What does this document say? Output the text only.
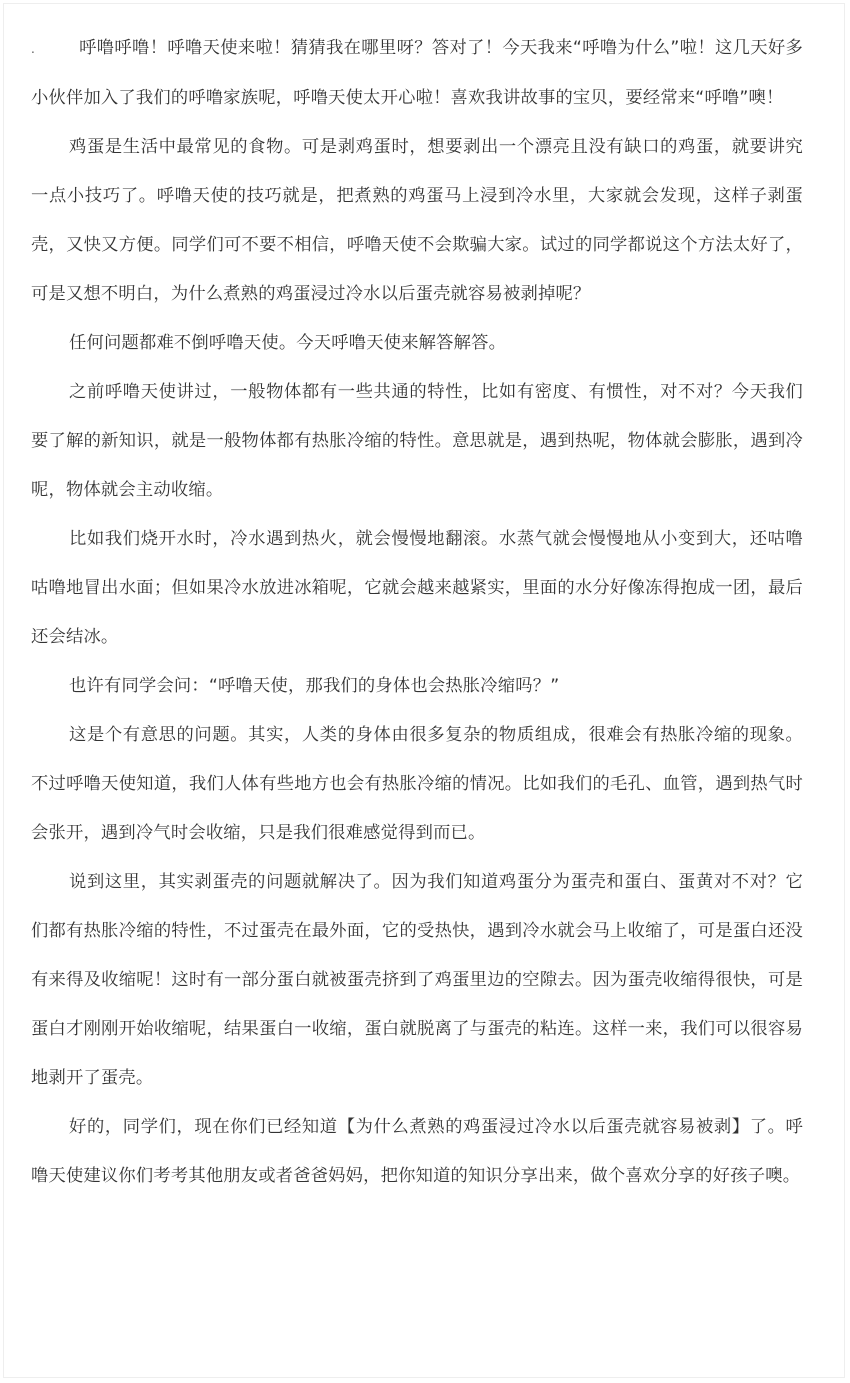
.	呼噜呼噜！呼噜天使来啦！猜猜我在哪里呀？答对了！今天我来“呼噜为什么”啦！这几天好多小伙伴加入了我们的呼噜家族呢，呼噜天使太开心啦！喜欢我讲故事的宝贝，要经常来“呼噜”噢！

鸡蛋是生活中最常见的食物。可是剥鸡蛋时，想要剥出一个漂亮且没有缺口的鸡蛋，就要讲究一点小技巧了。呼噜天使的技巧就是，把煮熟的鸡蛋马上浸到冷水里，大家就会发现，这样子剥蛋壳，又快又方便。同学们可不要不相信，呼噜天使不会欺骗大家。试过的同学都说这个方法太好了，可是又想不明白，为什么煮熟的鸡蛋浸过冷水以后蛋壳就容易被剥掉呢？

任何问题都难不倒呼噜天使。今天呼噜天使来解答解答。

之前呼噜天使讲过，一般物体都有一些共通的特性，比如有密度、有惯性，对不对？今天我们要了解的新知识，就是一般物体都有热胀冷缩的特性。意思就是，遇到热呢，物体就会膨胀，遇到冷呢，物体就会主动收缩。

比如我们烧开水时，冷水遇到热火，就会慢慢地翻滚。水蒸气就会慢慢地从小变到大，还咕噜咕噜地冒出水面；但如果冷水放进冰箱呢，它就会越来越紧实，里面的水分好像冻得抱成一团，最后还会结冰。

也许有同学会问：“呼噜天使，那我们的身体也会热胀冷缩吗？”

这是个有意思的问题。其实，人类的身体由很多复杂的物质组成，很难会有热胀冷缩的现象。不过呼噜天使知道，我们人体有些地方也会有热胀冷缩的情况。比如我们的毛孔、血管，遇到热气时会张开，遇到冷气时会收缩，只是我们很难感觉得到而已。

说到这里，其实剥蛋壳的问题就解决了。因为我们知道鸡蛋分为蛋壳和蛋白、蛋黄对不对？它们都有热胀冷缩的特性，不过蛋壳在最外面，它的受热快，遇到冷水就会马上收缩了，可是蛋白还没有来得及收缩呢！这时有一部分蛋白就被蛋壳挤到了鸡蛋里边的空隙去。因为蛋壳收缩得很快，可是蛋白才刚刚开始收缩呢，结果蛋白一收缩，蛋白就脱离了与蛋壳的粘连。这样一来，我们可以很容易地剥开了蛋壳。

好的，同学们，现在你们已经知道【为什么煮熟的鸡蛋浸过冷水以后蛋壳就容易被剥】了。呼噜天使建议你们考考其他朋友或者爸爸妈妈，把你知道的知识分享出来，做个喜欢分享的好孩子噢。
